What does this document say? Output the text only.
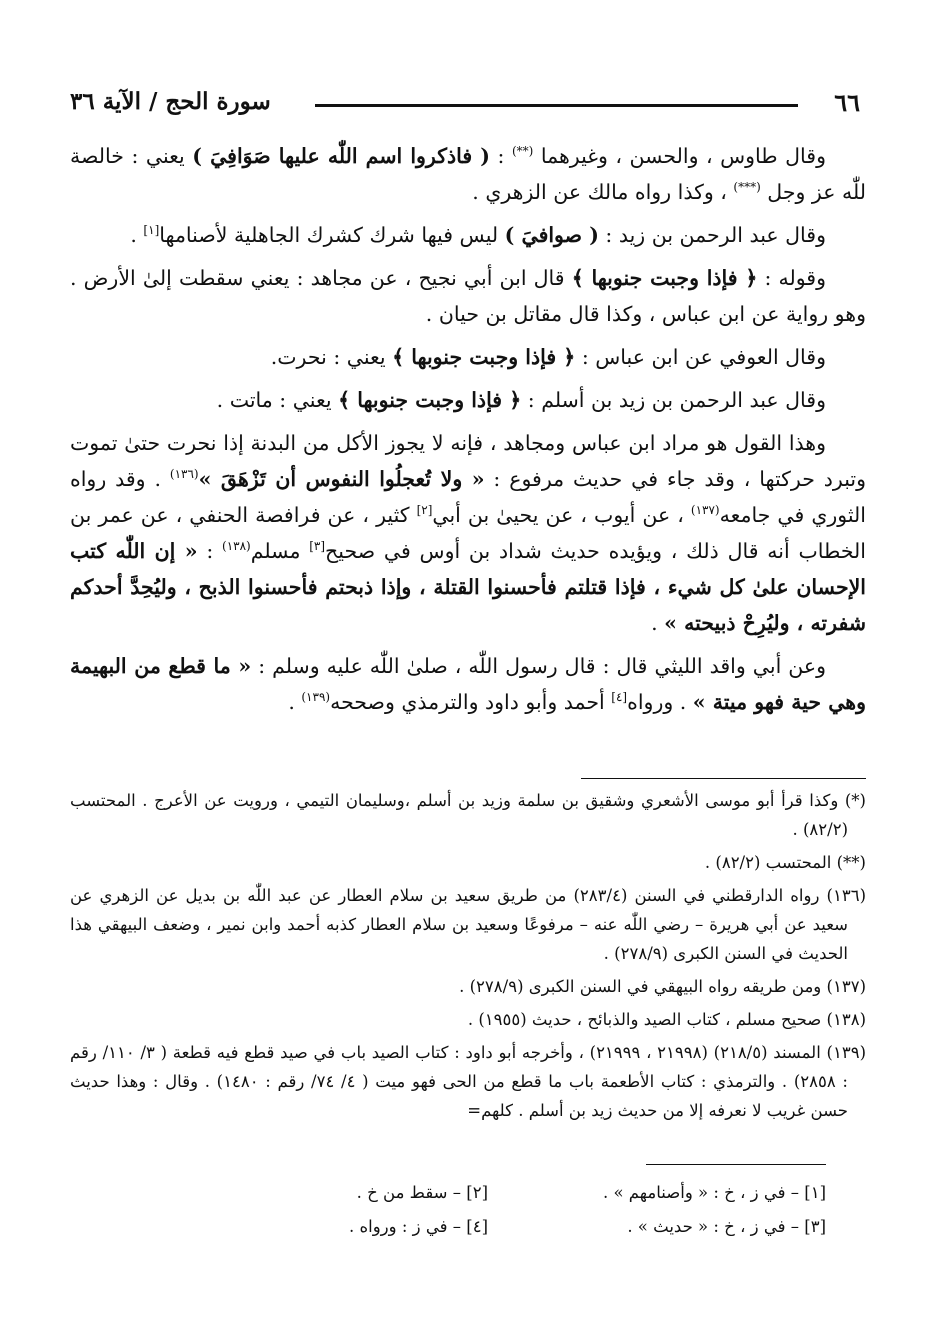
٦٦
سورة الحج / الآية ٣٦

وقال طاوس ، والحسن ، وغيرهما (**) : ( فاذكروا اسم اللّٰه عليها صَوَافِيَ ) يعني : خالصة للّٰه عز وجل (***) ، وكذا رواه مالك عن الزهري .

وقال عبد الرحمن بن زيد : ( صوافيَ ) ليس فيها شرك كشرك الجاهلية لأصنامها[١] .

وقوله : ﴿ فإذا وجبت جنوبها ﴾ قال ابن أبي نجيح ، عن مجاهد : يعني سقطت إلىٰ الأرض . وهو رواية عن ابن عباس ، وكذا قال مقاتل بن حيان .

وقال العوفي عن ابن عباس : ﴿ فإذا وجبت جنوبها ﴾ يعني : نحرت.

وقال عبد الرحمن بن زيد بن أسلم : ﴿ فإذا وجبت جنوبها ﴾ يعني : ماتت .

وهذا القول هو مراد ابن عباس ومجاهد ، فإنه لا يجوز الأكل من البدنة إذا نحرت حتىٰ تموت وتبرد حركتها ، وقد جاء في حديث مرفوع : « ولا تُعجلُوا النفوس أن تَزْهَقَ »$^{(١٣٦)}$ . وقد رواه الثوري في جامعه$^{(١٣٧)}$ ، عن أيوب ، عن يحيىٰ بن أبي[٢] كثير ، عن فرافصة الحنفي ، عن عمر بن الخطاب أنه قال ذلك ، ويؤيده حديث شداد بن أوس في صحيح[٣] مسلم$^{(١٣٨)}$ : « إن اللّٰه كتب الإحسان علىٰ كل شيء ، فإذا قتلتم فأحسنوا القتلة ، وإذا ذبحتم فأحسنوا الذبح ، وليُحِدَّ أحدكم شفرته ، وليُرِحْ ذبيحته » .

وعن أبي واقد الليثي قال : قال رسول اللّٰه ، صلىٰ اللّٰه عليه وسلم : « ما قطع من البهيمة وهي حية فهو ميتة » . ورواه[٤] أحمد وأبو داود والترمذي وصححه$^{(١٣٩)}$ .

(*) وكذا قرأ أبو موسى الأشعري وشقيق بن سلمة وزيد بن أسلم ،وسليمان التيمي ، ورويت عن الأعرج . المحتسب (٨٢/٢) .

(**) المحتسب (٨٢/٢) .

(١٣٦) رواه الدارقطني في السنن (٢٨٣/٤) من طريق سعيد بن سلام العطار عن عبد اللّٰه بن بديل عن الزهري عن سعيد عن أبي هريرة – رضي اللّٰه عنه – مرفوعًا وسعيد بن سلام العطار كذبه أحمد وابن نمير ، وضعف البيهقي هذا الحديث في السنن الكبرى (٢٧٨/٩) .

(١٣٧) ومن طريقه رواه البيهقي في السنن الكبرى (٢٧٨/٩) .

(١٣٨) صحيح مسلم ، كتاب الصيد والذبائح ، حديث (١٩٥٥) .

(١٣٩) المسند (٢١٨/٥) (٢١٩٩٨ ، ٢١٩٩٩) ، وأخرجه أبو داود : كتاب الصيد باب في صيد قطع فيه قطعة ( ٣/ ١١٠/ رقم : ٢٨٥٨) . والترمذي : كتاب الأطعمة باب ما قطع من الحى فهو ميت ( ٤/ ٧٤/ رقم : ١٤٨٠) . وقال : وهذا حديث حسن غريب لا نعرفه إلا من حديث زيد بن أسلم . كلهم=

[١] – في ز ، خ : « وأصنامهم » .
[٢] – سقط من خ .
[٣] – في ز ، خ : « حديث » .
[٤] – في ز : ورواه .
